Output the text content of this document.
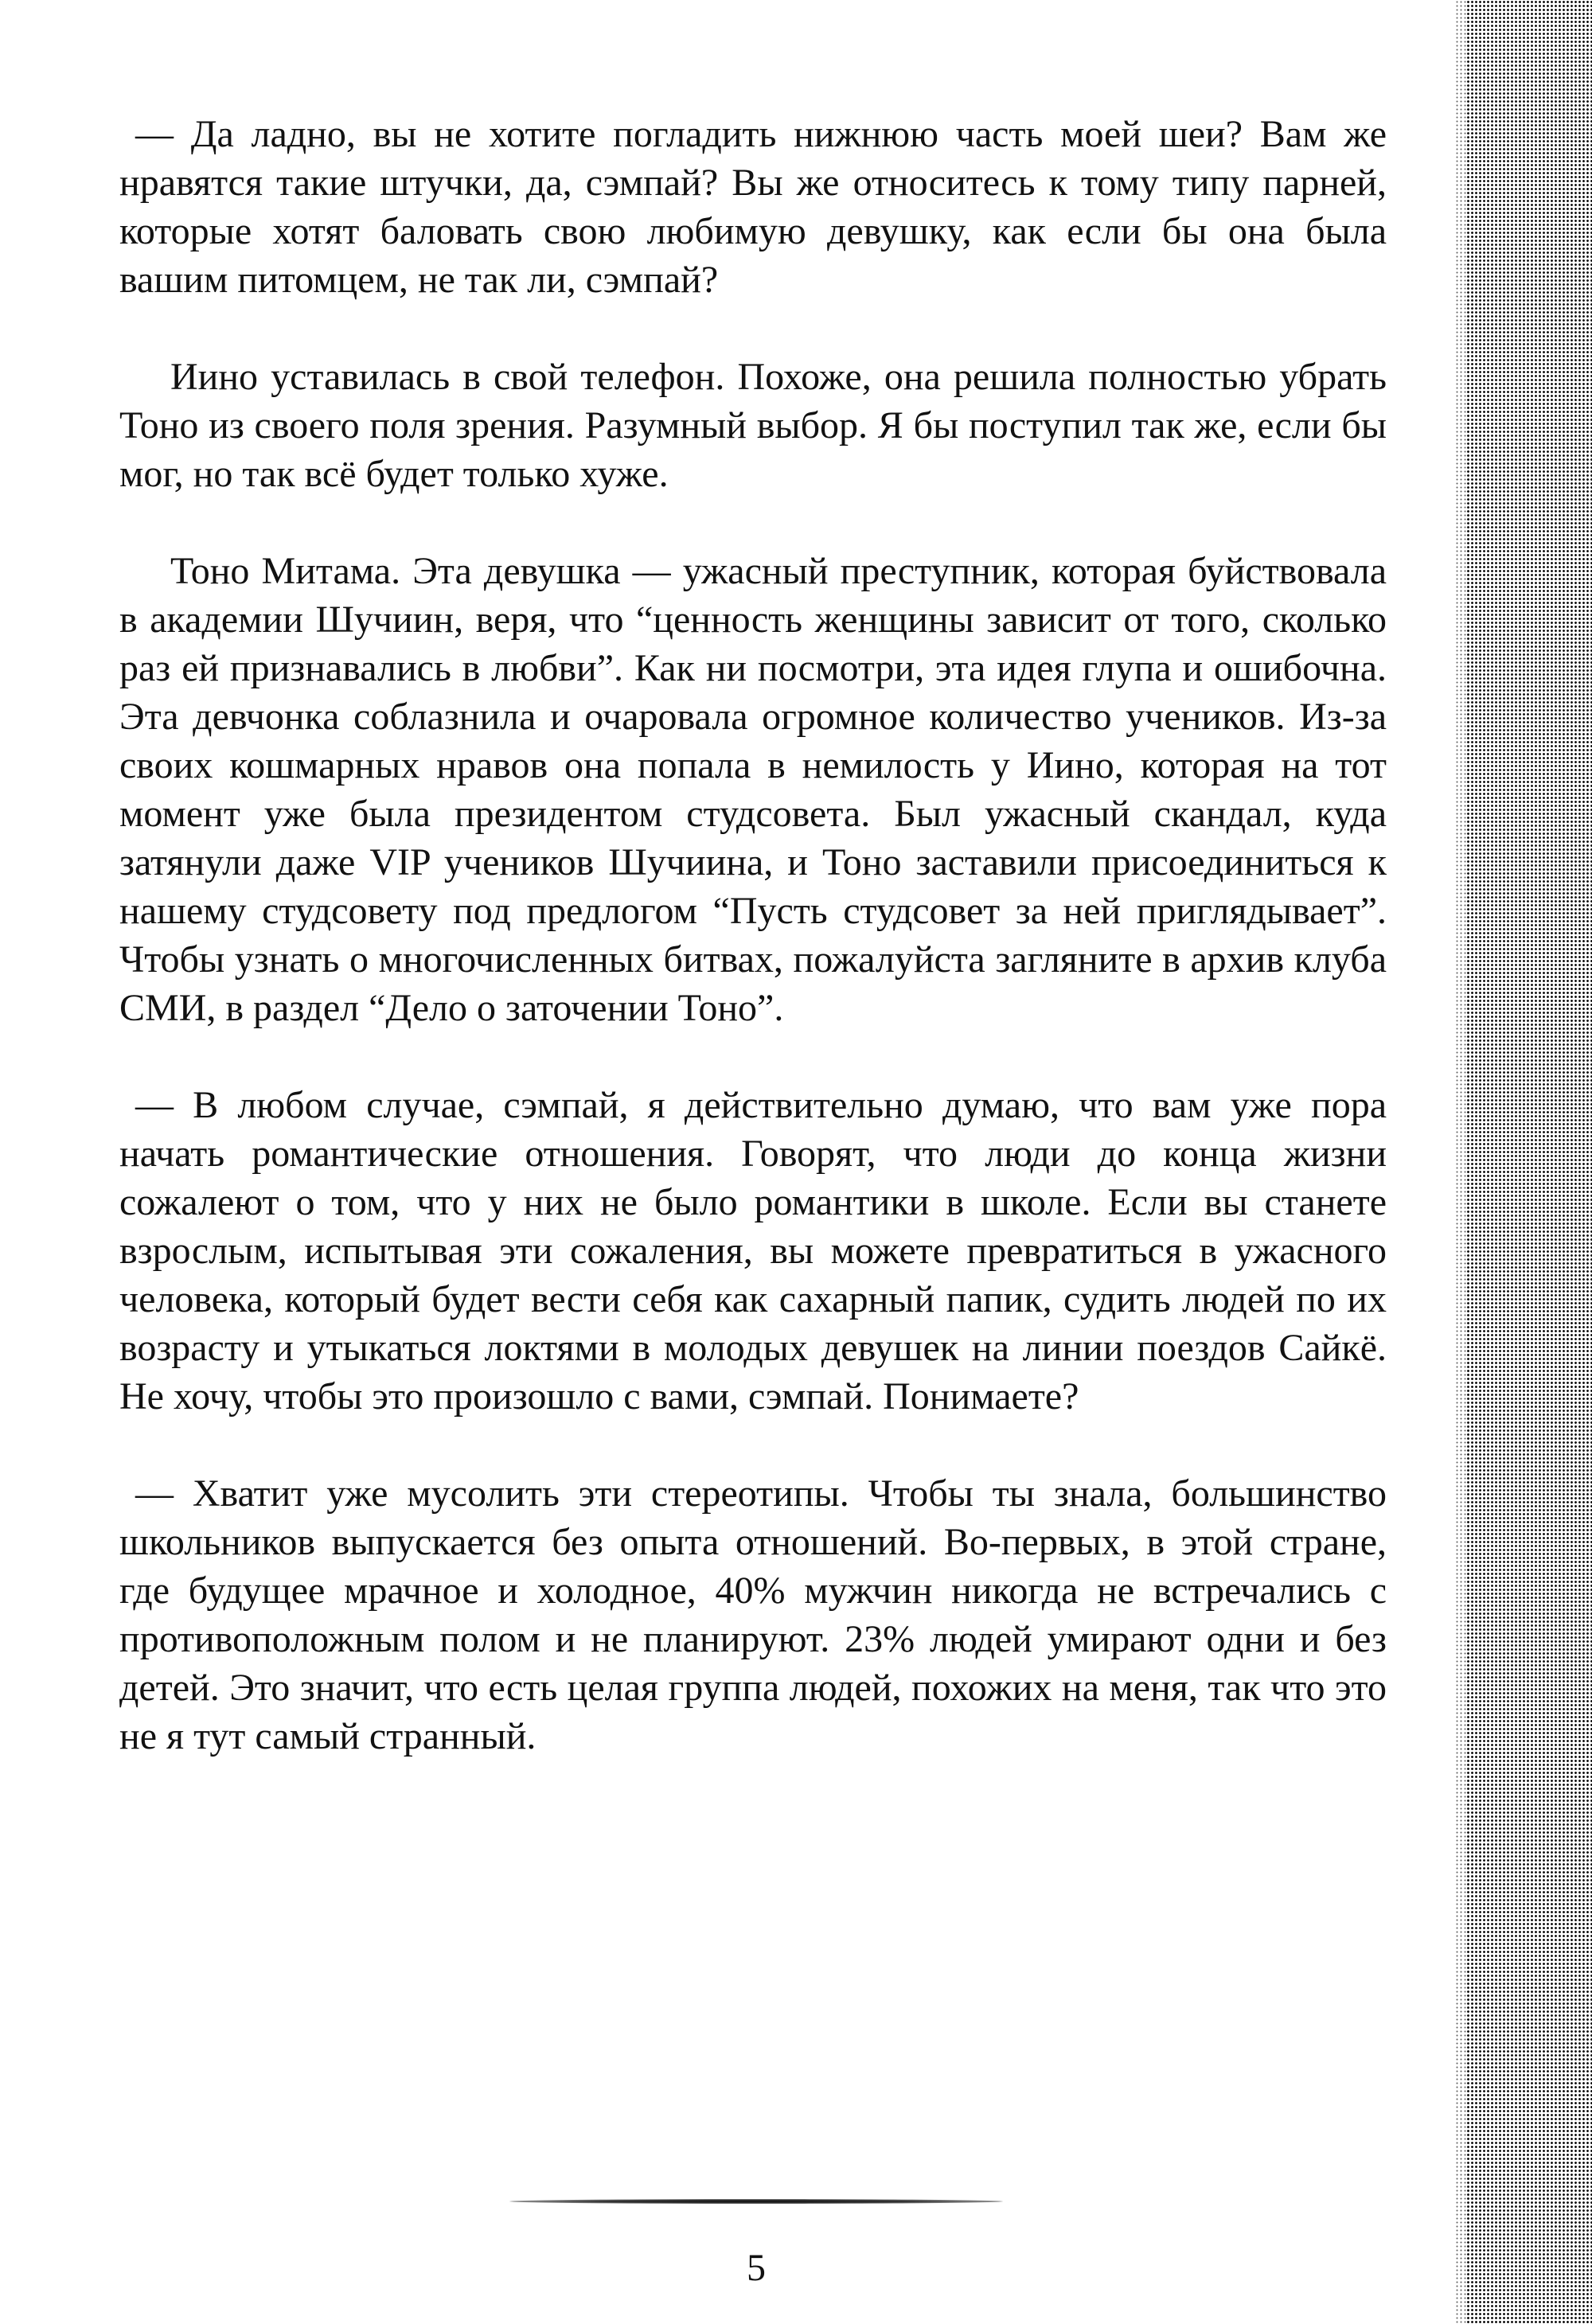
— Да ладно, вы не хотите погладить нижнюю часть моей шеи? Вам же нравятся такие штучки, да, сэмпай? Вы же относитесь к тому типу парней, которые хотят баловать свою любимую девушку, как если бы она была вашим питомцем, не так ли, сэмпай?

Иино уставилась в свой телефон. Похоже, она решила полностью убрать Тоно из своего поля зрения. Разумный выбор. Я бы поступил так же, если бы мог, но так всё будет только хуже.

Тоно Митама. Эта девушка — ужасный преступник, которая буйствовала в академии Шучиин, веря, что “ценность женщины зависит от того, сколько раз ей признавались в любви”. Как ни посмотри, эта идея глупа и ошибочна. Эта девчонка соблазнила и очаровала огромное количество учеников. Из-за своих кошмарных нравов она попала в немилость у Иино, которая на тот момент уже была президентом студсовета. Был ужасный скандал, куда затянули даже VIP учеников Шучиина, и Тоно заставили присоединиться к нашему студсовету под предлогом “Пусть студсовет за ней приглядывает”. Чтобы узнать о многочисленных битвах, пожалуйста загляните в архив клуба СМИ, в раздел “Дело о заточении Тоно”.

— В любом случае, сэмпай, я действительно думаю, что вам уже пора начать романтические отношения. Говорят, что люди до конца жизни сожалеют о том, что у них не было романтики в школе. Если вы станете взрослым, испытывая эти сожаления, вы можете превратиться в ужасного человека, который будет вести себя как сахарный папик, судить людей по их возрасту и утыкаться локтями в молодых девушек на линии поездов Сайкё. Не хочу, чтобы это произошло с вами, сэмпай. Понимаете?

— Хватит уже мусолить эти стереотипы. Чтобы ты знала, большинство школьников выпускается без опыта отношений. Во-первых, в этой стране, где будущее мрачное и холодное, 40% мужчин никогда не встречались с противоположным полом и не планируют. 23% людей умирают одни и без детей. Это значит, что есть целая группа людей, похожих на меня, так что это не я тут самый странный.

5
